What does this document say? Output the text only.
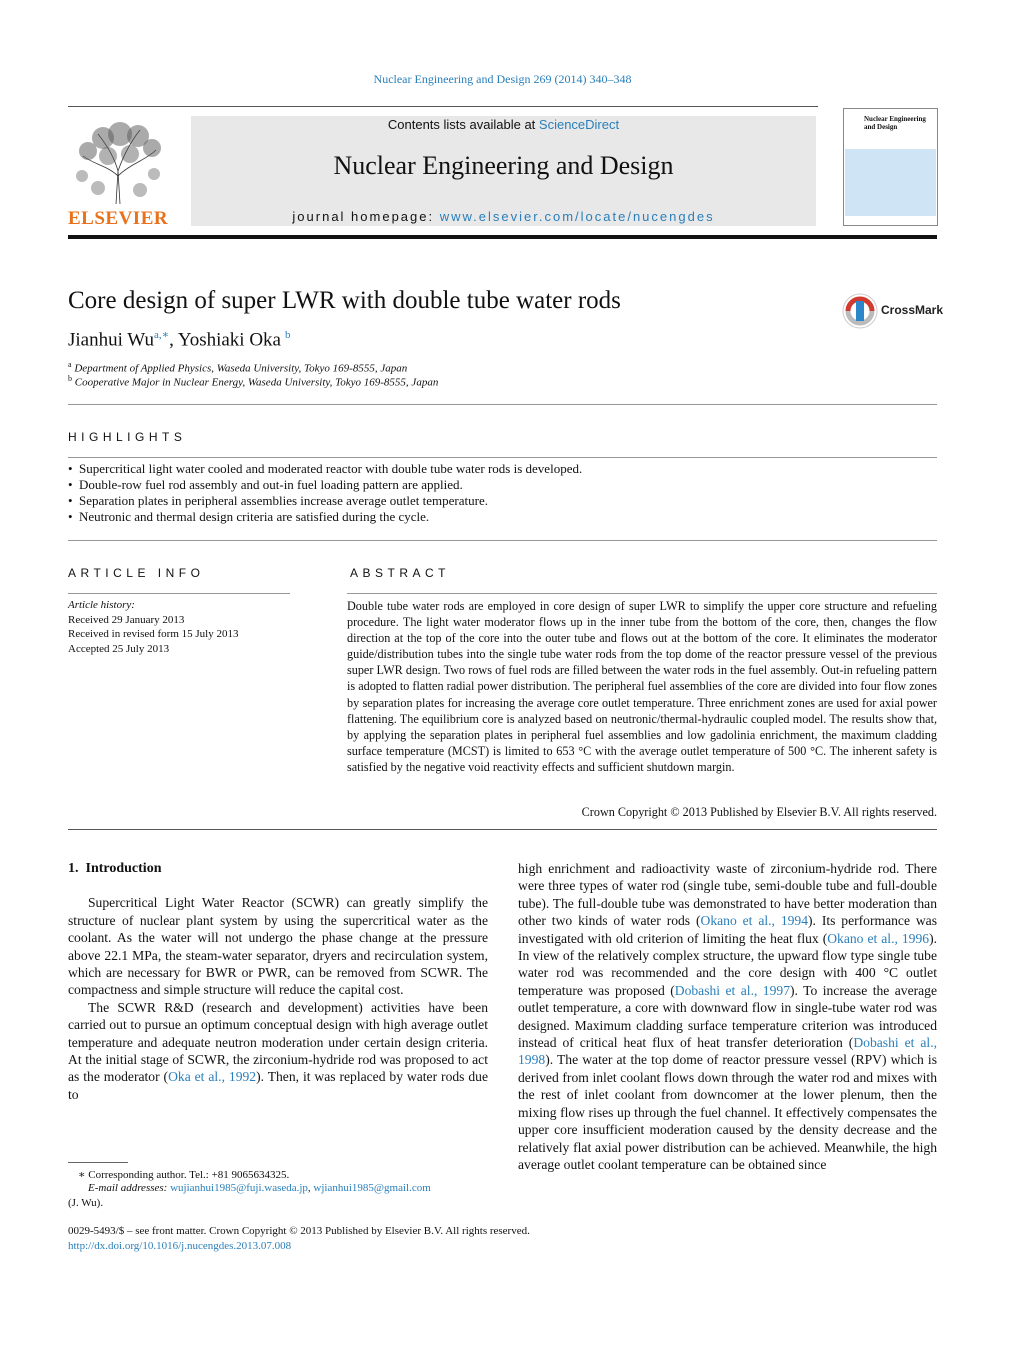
Nuclear Engineering and Design 269 (2014) 340–348
ELSEVIER
Contents lists available at ScienceDirect
Nuclear Engineering and Design
journal homepage: www.elsevier.com/locate/nucengdes
Nuclear Engineering and Design
Core design of super LWR with double tube water rods	CrossMark
Jianhui $Wu^{a,∗}$, Yoshiaki Oka $^b$
$^a$ Department of Applied Physics, Waseda University, Tokyo 169-8555, Japan
$^b$ Cooperative Major in Nuclear Energy, Waseda University, Tokyo 169-8555, Japan
HIGHLIGHTS
• Supercritical light water cooled and moderated reactor with double tube water rods is developed.
• Double-row fuel rod assembly and out-in fuel loading pattern are applied.
• Separation plates in peripheral assemblies increase average outlet temperature.
• Neutronic and thermal design criteria are satisfied during the cycle.
ARTICLE INFO
Article history:
Received 29 January 2013
Received in revised form 15 July 2013
Accepted 25 July 2013
ABSTRACT
Double tube water rods are employed in core design of super LWR to simplify the upper core structure and refueling procedure. The light water moderator flows up in the inner tube from the bottom of the core, then, changes the flow direction at the top of the core into the outer tube and flows out at the bottom of the core. It eliminates the moderator guide/distribution tubes into the single tube water rods from the top dome of the reactor pressure vessel of the previous super LWR design. Two rows of fuel rods are filled between the water rods in the fuel assembly. Out-in refueling pattern is adopted to flatten radial power distribution. The peripheral fuel assemblies of the core are divided into four flow zones by separation plates for increasing the average core outlet temperature. Three enrichment zones are used for axial power flattening. The equilibrium core is analyzed based on neutronic/thermal-hydraulic coupled model. The results show that, by applying the separation plates in peripheral fuel assemblies and low gadolinia enrichment, the maximum cladding surface temperature (MCST) is limited to 653 °C with the average outlet temperature of 500 °C. The inherent safety is satisfied by the negative void reactivity effects and sufficient shutdown margin.
Crown Copyright © 2013 Published by Elsevier B.V. All rights reserved.

1.  Introduction

Supercritical Light Water Reactor (SCWR) can greatly simplify the structure of nuclear plant system by using the supercritical water as the coolant. As the water will not undergo the phase change at the pressure above 22.1 MPa, the steam-water separator, dryers and recirculation system, which are necessary for BWR or PWR, can be removed from SCWR. The compactness and simple structure will reduce the capital cost.

The SCWR R&D (research and development) activities have been carried out to pursue an optimum conceptual design with high average outlet temperature and adequate neutron moderation under certain design criteria. At the initial stage of SCWR, the zirconium-hydride rod was proposed to act as the moderator (Oka et al., 1992). Then, it was replaced by water rods due to

high enrichment and radioactivity waste of zirconium-hydride rod. There were three types of water rod (single tube, semi-double tube and full-double tube). The full-double tube was demonstrated to have better moderation than other two kinds of water rods (Okano et al., 1994). Its performance was investigated with old criterion of limiting the heat flux (Okano et al., 1996). In view of the relatively complex structure, the upward flow type single tube water rod was recommended and the core design with 400 °C outlet temperature was proposed (Dobashi et al., 1997). To increase the average outlet temperature, a core with downward flow in single-tube water rod was designed. Maximum cladding surface temperature criterion was introduced instead of critical heat flux of heat transfer deterioration (Dobashi et al., 1998). The water at the top dome of reactor pressure vessel (RPV) which is derived from inlet coolant flows down through the water rod and mixes with the rest of inlet coolant from downcomer at the lower plenum, then the mixing flow rises up through the fuel channel. It effectively compensates the upper core insufficient moderation caused by the density decrease and the relatively flat axial power distribution can be achieved. Meanwhile, the high average outlet coolant temperature can be obtained since

∗ Corresponding author. Tel.: +81 9065634325.
E-mail addresses: wujianhui1985@fuji.waseda.jp, wjianhui1985@gmail.com
(J. Wu).
0029-5493/$ – see front matter. Crown Copyright © 2013 Published by Elsevier B.V. All rights reserved.
http://dx.doi.org/10.1016/j.nucengdes.2013.07.008
